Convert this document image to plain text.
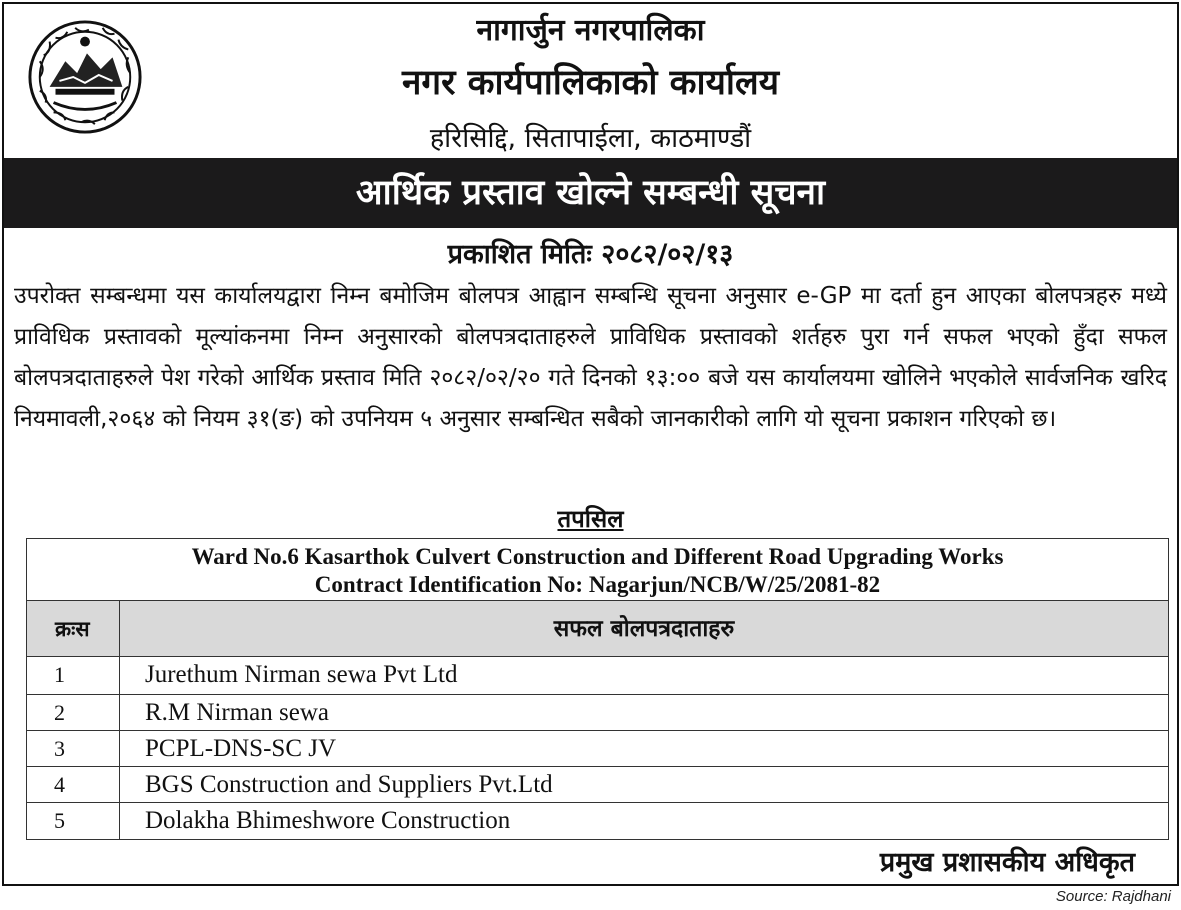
नागार्जुन नगरपालिका
नगर कार्यपालिकाको कार्यालय
हरिसिद्दि, सितापाईला, काठमाण्डौं
आर्थिक प्रस्ताव खोल्ने सम्बन्धी सूचना
प्रकाशित मितिः २०८२/०२/१३
उपरोक्त सम्बन्धमा यस कार्यालयद्वारा निम्न बमोजिम बोलपत्र आह्वान सम्बन्धि सूचना अनुसार e-GP मा दर्ता हुन आएका बोलपत्रहरु मध्ये प्राविधिक प्रस्तावको मूल्यांकनमा निम्न अनुसारको बोलपत्रदाताहरुले प्राविधिक प्रस्तावको शर्तहरु पुरा गर्न सफल भएको हुँदा सफल बोलपत्रदाताहरुले पेश गरेको आर्थिक प्रस्ताव मिति २०८२/०२/२० गते दिनको १३:०० बजे यस कार्यालयमा खोलिने भएकोले सार्वजनिक खरिद नियमावली,२०६४ को नियम ३१(ङ) को उपनियम ५ अनुसार सम्बन्धित सबैको जानकारीको लागि यो सूचना प्रकाशन गरिएको छ।
तपसिल
Ward No.6 Kasarthok Culvert Construction and Different Road Upgrading Works
Contract Identification No: Nagarjun/NCB/W/25/2081-82
क्रःस	सफल बोलपत्रदाताहरु
1	Jurethum Nirman sewa Pvt Ltd
2	R.M Nirman sewa
3	PCPL-DNS-SC JV
4	BGS Construction and Suppliers Pvt.Ltd
5	Dolakha Bhimeshwore Construction
प्रमुख प्रशासकीय अधिकृत
Source: Rajdhani
